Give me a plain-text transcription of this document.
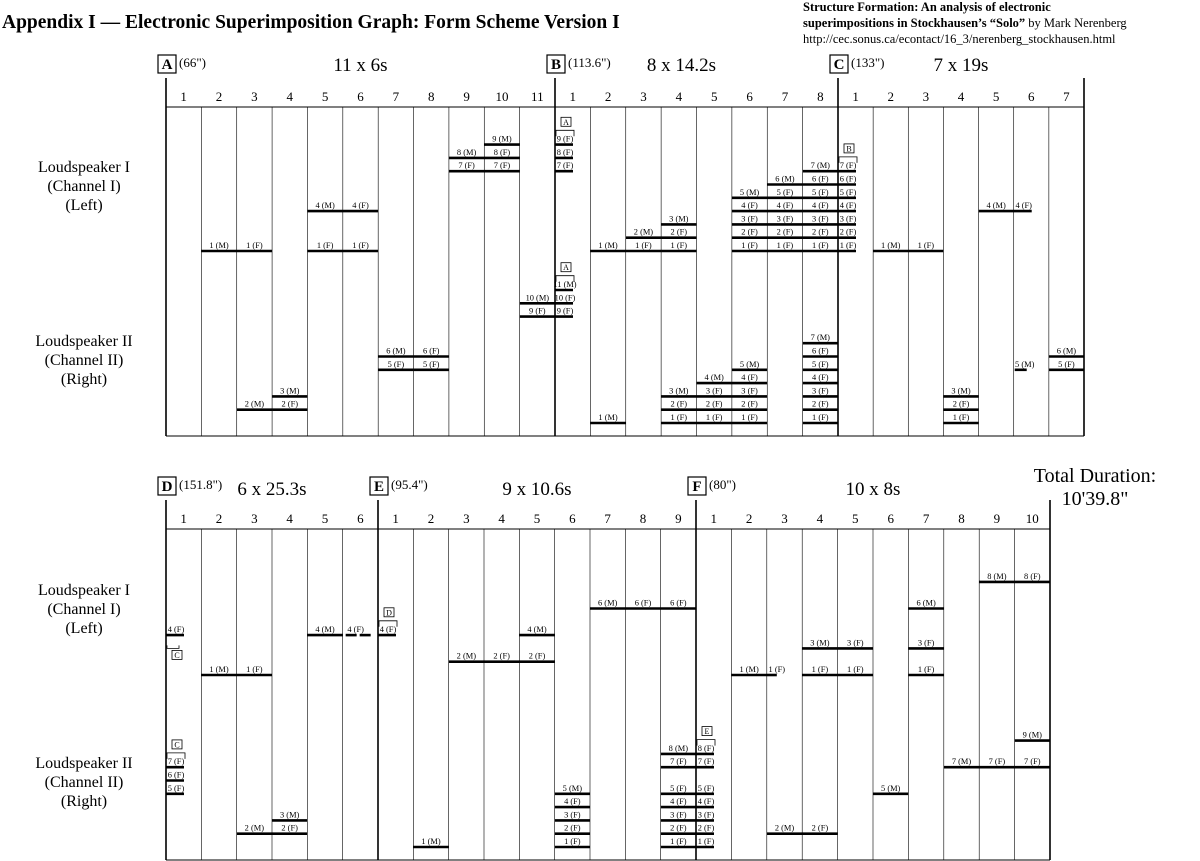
Appendix I — Electronic Superimposition Graph: Form Scheme Version I
Structure Formation: An analysis of electronic
superimpositions in Stockhausen’s “Solo” by Mark Nerenberg
http://cec.sonus.ca/econtact/16_3/nerenberg_stockhausen.html
1 2 3 4 5 6 7 8 9 10 11
A (66")	11 x 6s
1 2 3 4 5 6 7 8
B (113.6") 8 x 14.2s
1 2 3 4 5 6 7
C (133")	7 x 19s
1 2 3 4 5 6
D (151.8") 6 x 25.3s
1 2 3 4 5 6 7 8 9
E (95.4")	9 x 10.6s
1 2 3 4 5 6 7 8 9 10
F (80")	10 x 8s
Loudspeaker I (Channel I) (Left)
Loudspeaker II (Channel II) (Right)
Loudspeaker I (Channel I) (Left)
Loudspeaker II (Channel II) (Right)
Total Duration:
10'39.8"
1 (M) 1 (F)	1 (F)
4 (M)
1 (F)
4 (F)
7 (F)
8 (M)
7 (F)
8 (F)
9 (M)
2 (M) 2 (F)
3 (M)
5 (F)
6 (M)
5 (F)
6 (F)
9 (F)
10 (M)
7 (F)
8 (F)
9 (F)
1 (M) 1 (F)
2 (M)
1 (F)
2 (F)
3 (M)
1 (F)
2 (F)
3 (F)
4 (F)
5 (M)
1 (F)
2 (F)
3 (F)
4 (F)
5 (F)
6 (M)
1 (F)
2 (F)
3 (F)
4 (F)
5 (F)
6 (F)
7 (M)
9 (F)
10 (F)
11 (M)
1 (M)	1 (F)
2 (F)
3 (M)
1 (F)
2 (F)
3 (F)
4 (M)
1 (F)
2 (F)
3 (F)
4 (F)
5 (M)
1 (F)
2 (F)
3 (F)
4 (F)
5 (F)
6 (F)
7 (M)
1 (F)
2 (F)
3 (F)
4 (F)
5 (F)
6 (F)
7 (F)
1 (M) 1 (F)
4 (M) 4 (F)
1 (F)
2 (F)
3 (M)
5 (M)	5 (F)
6 (M)
4 (F)
1 (M) 1 (F)
4 (M) 4 (F)
5 (F)
6 (F)
7 (F)
2 (M) 2 (F)
3 (M)
4 (F)
2 (M) 2 (F) 2 (F)
4 (M)
6 (M) 6 (F) 6 (F)
1 (M)	1 (F)
2 (F)
3 (F)
4 (F)
5 (M)
1 (F)
2 (F)
3 (F)
4 (F)
5 (F)
7 (F)
8 (M)
1 (M) 1 (F)	1 (F)
3 (M)
1 (F)
3 (F)
1 (F)
3 (F)
6 (M)
8 (M) 8 (F)
1 (F)
2 (F)
3 (F)
4 (F)
5 (F)
7 (F)
8 (F)
2 (M) 2 (F)
5 (M)
7 (M) 7 (F) 7 (F)
9 (M)
A
A
B
C
C
D
E
